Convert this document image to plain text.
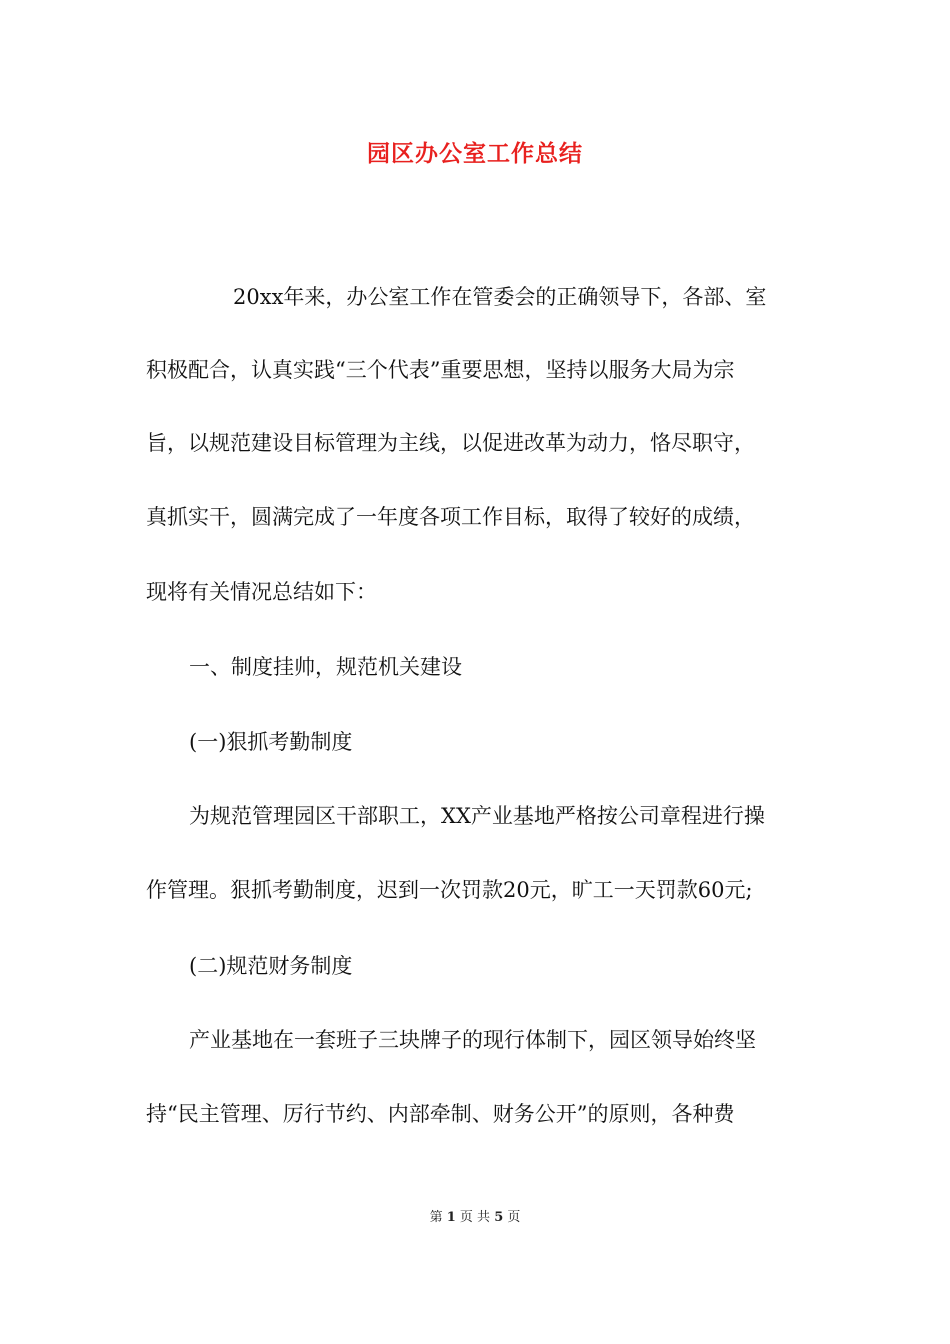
园区办公室工作总结
20xx年来，办公室工作在管委会的正确领导下，各部、室
积极配合，认真实践“三个代表”重要思想，坚持以服务大局为宗
旨，以规范建设目标管理为主线，以促进改革为动力，恪尽职守，
真抓实干，圆满完成了一年度各项工作目标，取得了较好的成绩，
现将有关情况总结如下：
一、制度挂帅，规范机关建设
(一)狠抓考勤制度
为规范管理园区干部职工，XX产业基地严格按公司章程进行操
作管理。狠抓考勤制度，迟到一次罚款20元，旷工一天罚款60元;
(二)规范财务制度
产业基地在一套班子三块牌子的现行体制下，园区领导始终坚
持“民主管理、厉行节约、内部牵制、财务公开”的原则，各种费
第 1 页 共 5 页
